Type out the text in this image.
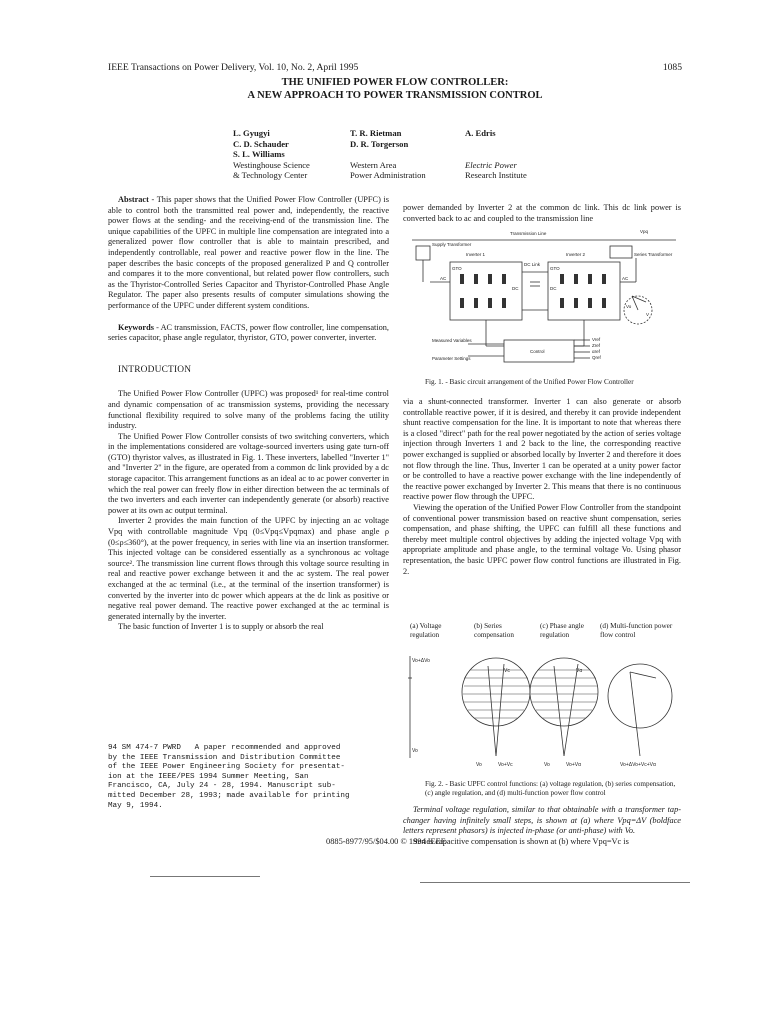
IEEE Transactions on Power Delivery, Vol. 10, No. 2, April 1995	1085
THE UNIFIED POWER FLOW CONTROLLER:
A NEW APPROACH TO POWER TRANSMISSION CONTROL
L. Gyugyi
C. D. Schauder
S. L. Williams
Westinghouse Science
& Technology Center
T. R. Rietman
D. R. Torgerson
Western Area
Power Administration
A. Edris
Electric Power
Research Institute

Abstract - This paper shows that the Unified Power Flow Controller (UPFC) is able to control both the transmitted real power and, independently, the reactive power flows at the sending- and the receiving-end of the transmission line. The unique capabilities of the UPFC in multiple line compensation are integrated into a generalized power flow controller that is able to maintain prescribed, and independently controllable, real power and reactive power flow in the line. The paper describes the basic concepts of the proposed generalized P and Q controller and compares it to the more conventional, but related power flow controllers, such as the Thyristor-Controlled Series Capacitor and Thyristor-Controlled Phase Angle Regulator. The paper also presents results of computer simulations showing the performance of the UPFC under different system conditions.

Keywords - AC transmission, FACTS, power flow controller, line compensation, series capacitor, phase angle regulator, thyristor, GTO, power converter, inverter.

INTRODUCTION

The Unified Power Flow Controller (UPFC) was proposed¹ for real-time control and dynamic compensation of ac transmission systems, providing the necessary functional flexibility required to solve many of the problems facing the utility industry.

The Unified Power Flow Controller consists of two switching converters, which in the implementations considered are voltage-sourced inverters using gate turn-off (GTO) thyristor valves, as illustrated in Fig. 1. These inverters, labelled "Inverter 1" and "Inverter 2" in the figure, are operated from a common dc link provided by a dc storage capacitor. This arrangement functions as an ideal ac to ac power converter in which the real power can freely flow in either direction between the ac terminals of the two inverters and each inverter can independently generate (or absorb) reactive power at its own ac output terminal.

Inverter 2 provides the main function of the UPFC by injecting an ac voltage Vpq with controllable magnitude Vpq (0≤Vpq≤Vpqmax) and phase angle ρ (0≤ρ≤360°), at the power frequency, in series with line via an insertion transformer. This injected voltage can be considered essentially as a synchronous ac voltage source². The transmission line current flows through this voltage source resulting in real and reactive power exchange between it and the ac system. The real power exchanged at the ac terminal (i.e., at the terminal of the insertion transformer) is converted by the inverter into dc power which appears at the dc link as positive or negative real power demand. The reactive power exchanged at the ac terminal is generated internally by the inverter.

The basic function of Inverter 1 is to supply or absorb the real

94 SM 474-7 PWRD   A paper recommended and approved
by the IEEE Transmission and Distribution Committee
of the IEEE Power Engineering Society for presentat-
ion at the IEEE/PES 1994 Summer Meeting, San
Francisco, CA, July 24 - 28, 1994. Manuscript sub-
mitted December 28, 1993; made available for printing
May 9, 1994.

power demanded by Inverter 2 at the common dc link. This dc link power is converted back to ac and coupled to the transmission line

Transmission Line
Supply Transformer
Series Transformer
Inverter 1	Inverter 2
DC Link
GTO	GTO
AC
DC	DC
AC
Control
Measured Variables
Parameter Settings
Vpq
Vo
V
Vref
Zref
αref
Qref
Fig. 1. - Basic circuit arrangement of the Unified Power Flow Controller

via a shunt-connected transformer. Inverter 1 can also generate or absorb controllable reactive power, if it is desired, and thereby it can provide independent shunt reactive compensation for the line. It is important to note that whereas there is a closed "direct" path for the real power negotiated by the action of series voltage injection through Inverters 1 and 2 back to the line, the corresponding reactive power exchanged is supplied or absorbed locally by Inverter 2 and therefore it does not flow through the line. Thus, Inverter 1 can be operated at a unity power factor or be controlled to have a reactive power exchange with the line independently of the reactive power exchanged by Inverter 2. This means that there is no continuous reactive power flow through the UPFC.

Viewing the operation of the Unified Power Flow Controller from the standpoint of conventional power transmission based on reactive shunt compensation, series compensation, and phase shifting, the UPFC can fulfill all these functions and thereby meet multiple control objectives by adding the injected voltage Vpq with appropriate amplitude and phase angle, to the terminal voltage Vo. Using phasor representation, the basic UPFC power flow control functions are illustrated in Fig. 2.

(a) Voltage regulation
(b) Series compensation
(c) Phase angle regulation
(d) Multi-function power flow control
Vo+ΔVo
Vo
Vc
Vo	Vo+Vc
Vα
Vo	Vo+Vα	Vo+ΔVo+Vc+Vα
Fig. 2. - Basic UPFC control functions: (a) voltage regulation, (b) series compensation, (c) angle regulation, and (d) multi-function power flow control

Terminal voltage regulation, similar to that obtainable with a transformer tap-changer having infinitely small steps, is shown at (a) where Vpq=ΔV (boldface letters represent phasors) is injected in-phase (or anti-phase) with Vo.

Series capacitive compensation is shown at (b) where Vpq=Vc is

0885-8977/95/$04.00 © 1994 IEEE
